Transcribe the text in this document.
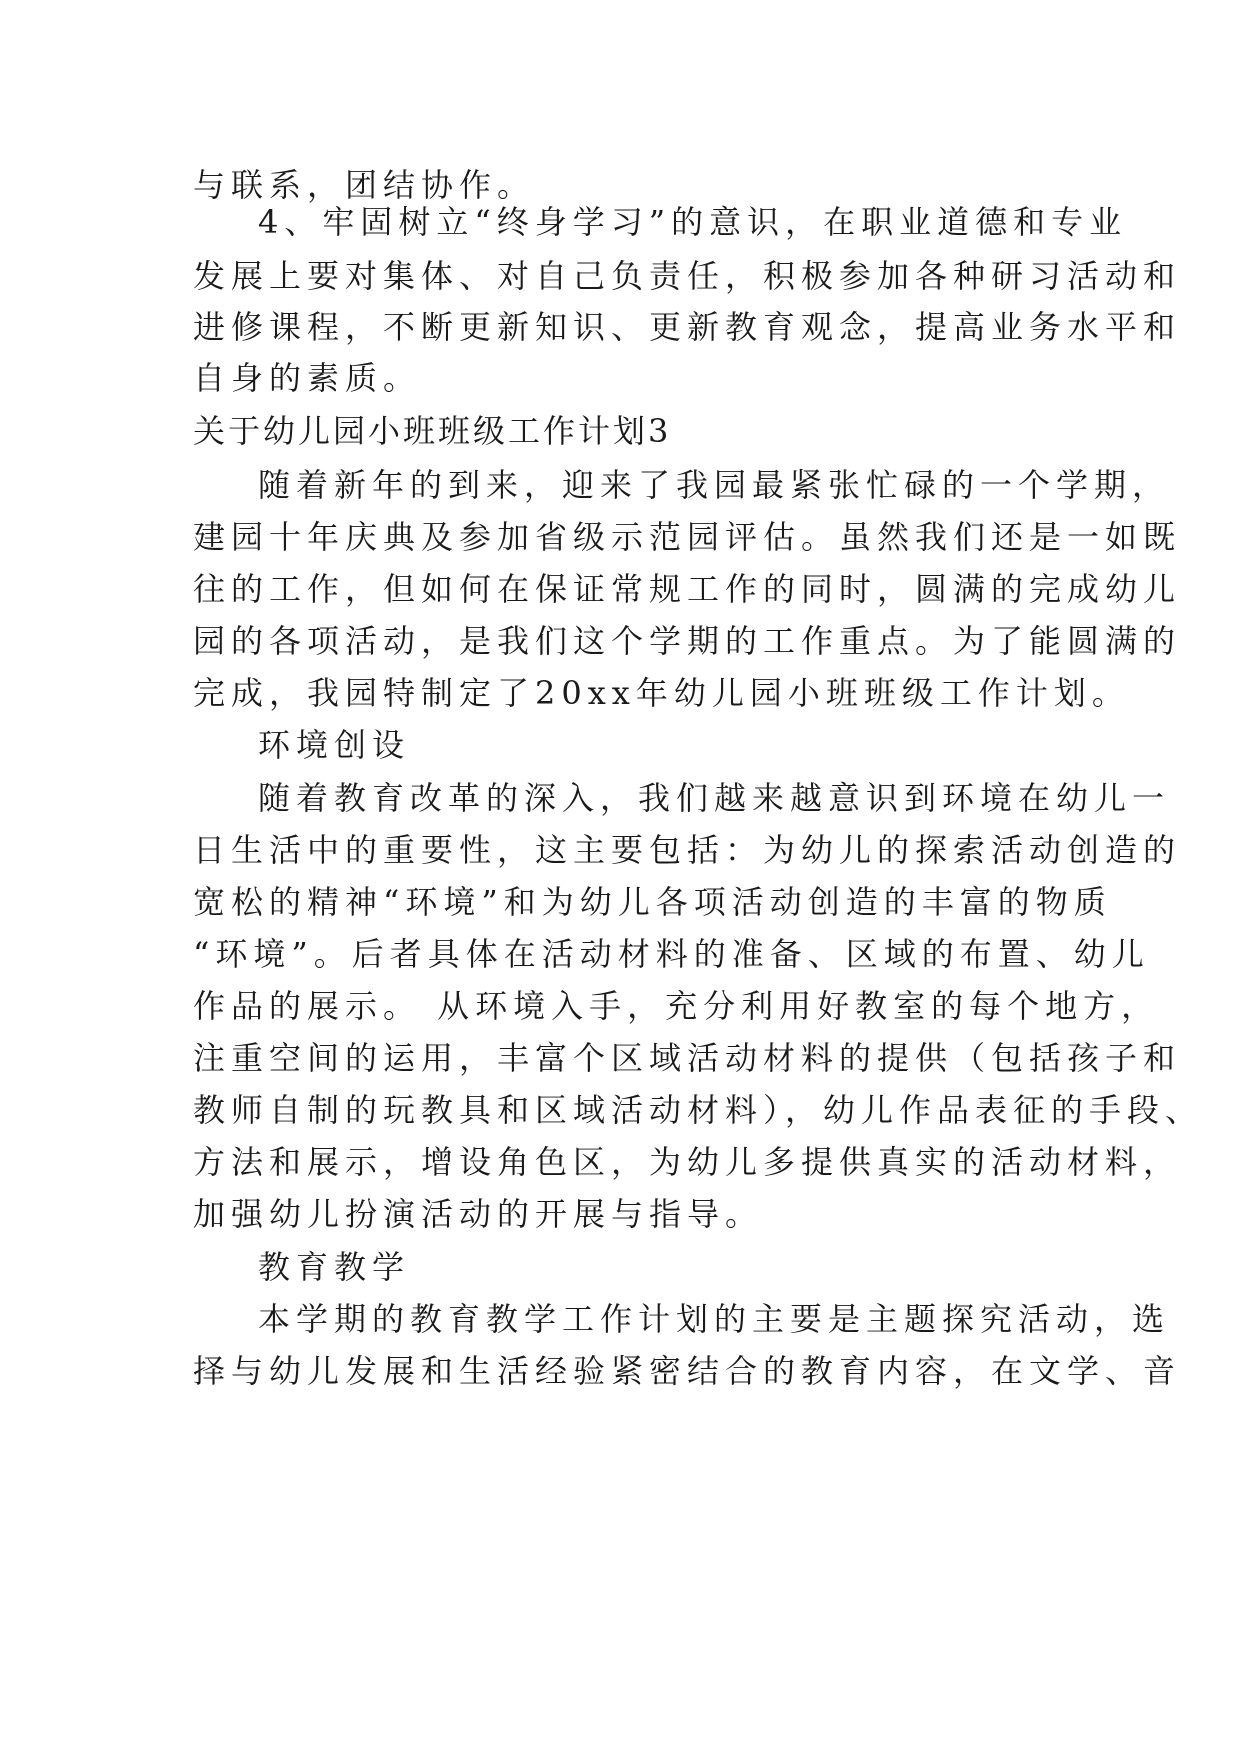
与联系，团结协作。
4、牢固树立“终身学习”的意识，在职业道德和专业
发展上要对集体、对自己负责任，积极参加各种研习活动和
进修课程，不断更新知识、更新教育观念，提高业务水平和
自身的素质。
关于幼儿园小班班级工作计划3
随着新年的到来，迎来了我园最紧张忙碌的一个学期，
建园十年庆典及参加省级示范园评估。虽然我们还是一如既
往的工作，但如何在保证常规工作的同时，圆满的完成幼儿
园的各项活动，是我们这个学期的工作重点。为了能圆满的
完成，我园特制定了20xx年幼儿园小班班级工作计划。
环境创设
随着教育改革的深入，我们越来越意识到环境在幼儿一
日生活中的重要性，这主要包括：为幼儿的探索活动创造的
宽松的精神“环境”和为幼儿各项活动创造的丰富的物质
“环境”。后者具体在活动材料的准备、区域的布置、幼儿
作品的展示。 从环境入手，充分利用好教室的每个地方，
注重空间的运用，丰富个区域活动材料的提供（包括孩子和
教师自制的玩教具和区域活动材料），幼儿作品表征的手段、
方法和展示，增设角色区，为幼儿多提供真实的活动材料，
加强幼儿扮演活动的开展与指导。
教育教学
本学期的教育教学工作计划的主要是主题探究活动，选
择与幼儿发展和生活经验紧密结合的教育内容，在文学、音
